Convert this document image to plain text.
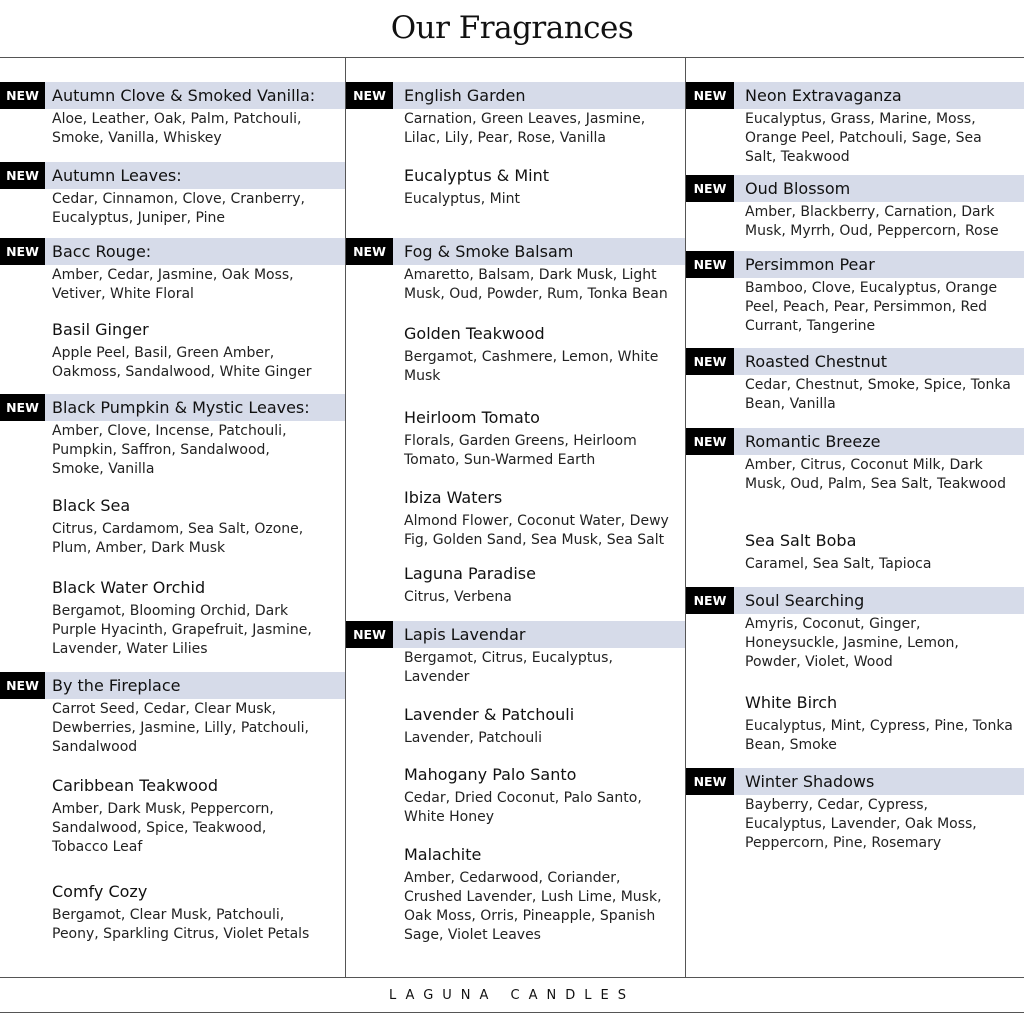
Our Fragrances
NEW Autumn Clove & Smoked Vanilla:
Aloe, Leather, Oak, Palm, Patchouli, Smoke, Vanilla, Whiskey
NEW Autumn Leaves:
Cedar, Cinnamon, Clove, Cranberry, Eucalyptus, Juniper, Pine
NEW Bacc Rouge:
Amber, Cedar, Jasmine, Oak Moss, Vetiver, White Floral
Basil Ginger
Apple Peel, Basil, Green Amber, Oakmoss, Sandalwood, White Ginger
NEW Black Pumpkin & Mystic Leaves:
Amber, Clove, Incense, Patchouli, Pumpkin, Saffron, Sandalwood, Smoke, Vanilla
Black Sea
Citrus, Cardamom, Sea Salt, Ozone, Plum, Amber, Dark Musk
Black Water Orchid
Bergamot, Blooming Orchid, Dark Purple Hyacinth, Grapefruit, Jasmine, Lavender, Water Lilies
NEW By the Fireplace
Carrot Seed, Cedar, Clear Musk, Dewberries, Jasmine, Lilly, Patchouli, Sandalwood
Caribbean Teakwood
Amber, Dark Musk, Peppercorn, Sandalwood, Spice, Teakwood, Tobacco Leaf
Comfy Cozy
Bergamot, Clear Musk, Patchouli, Peony, Sparkling Citrus, Violet Petals
NEW	English Garden
Carnation, Green Leaves, Jasmine, Lilac, Lily, Pear, Rose, Vanilla
Eucalyptus & Mint
Eucalyptus, Mint
NEW	Fog & Smoke Balsam
Amaretto, Balsam, Dark Musk, Light Musk, Oud, Powder, Rum, Tonka Bean
Golden Teakwood
Bergamot, Cashmere, Lemon, White Musk
Heirloom Tomato
Florals, Garden Greens, Heirloom Tomato, Sun-Warmed Earth
Ibiza Waters
Almond Flower, Coconut Water, Dewy Fig, Golden Sand, Sea Musk, Sea Salt
Laguna Paradise
Citrus, Verbena
NEW	Lapis Lavendar
Bergamot, Citrus, Eucalyptus, Lavender
Lavender & Patchouli
Lavender, Patchouli
Mahogany Palo Santo
Cedar, Dried Coconut, Palo Santo, White Honey
Malachite
Amber, Cedarwood, Coriander, Crushed Lavender, Lush Lime, Musk, Oak Moss, Orris, Pineapple, Spanish Sage, Violet Leaves
NEW	Neon Extravaganza
Eucalyptus, Grass, Marine, Moss, Orange Peel, Patchouli, Sage, Sea Salt, Teakwood
NEW	Oud Blossom
Amber, Blackberry, Carnation, Dark Musk, Myrrh, Oud, Peppercorn, Rose
NEW	Persimmon Pear
Bamboo, Clove, Eucalyptus, Orange Peel, Peach, Pear, Persimmon, Red Currant, Tangerine
NEW	Roasted Chestnut
Cedar, Chestnut, Smoke, Spice, Tonka Bean, Vanilla
NEW	Romantic Breeze
Amber, Citrus, Coconut Milk, Dark Musk, Oud, Palm, Sea Salt, Teakwood
Sea Salt Boba
Caramel, Sea Salt, Tapioca
NEW	Soul Searching
Amyris, Coconut, Ginger, Honeysuckle, Jasmine, Lemon, Powder, Violet, Wood
White Birch
Eucalyptus, Mint, Cypress, Pine, Tonka Bean, Smoke
NEW	Winter Shadows
Bayberry, Cedar, Cypress, Eucalyptus, Lavender, Oak Moss, Peppercorn, Pine, Rosemary
LAGUNA CANDLES
